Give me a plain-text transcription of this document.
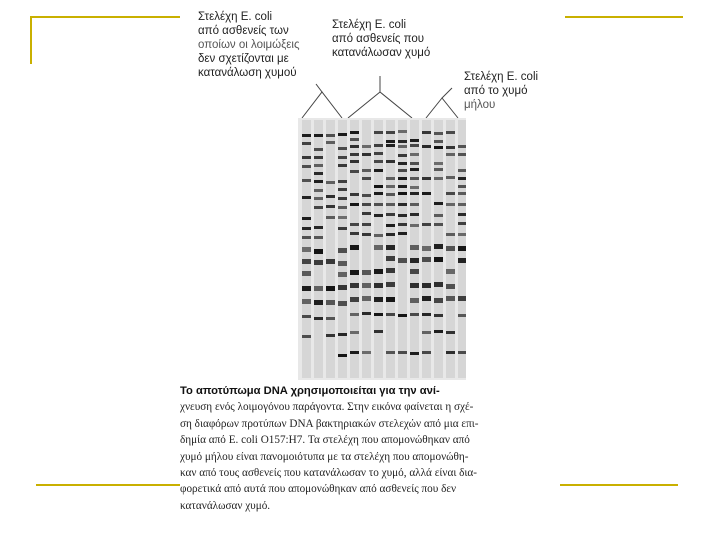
Στελέχη E. coli
από ασθενείς των
οποίων οι λοιμώξεις
δεν σχετίζονται με
κατανάλωση χυμού
Στελέχη E. coli
από ασθενείς που
κατανάλωσαν χυμό
Στελέχη E. coli
από το χυμό
μήλου

Το αποτύπωμα DNA χρησιμοποιείται για την ανί-
χνευση ενός λοιμογόνου παράγοντα. Στην εικόνα φαίνεται η σχέ-
ση διαφόρων προτύπων DNA βακτηριακών στελεχών από μια επι-
δημία από E. coli O157:H7. Τα στελέχη που απομονώθηκαν από
χυμό μήλου είναι πανομοιότυπα με τα στελέχη που απομονώθη-
καν από τους ασθενείς που κατανάλωσαν το χυμό, αλλά είναι δια-
φορετικά από αυτά που απομονώθηκαν από ασθενείς που δεν
κατανάλωσαν χυμό.
